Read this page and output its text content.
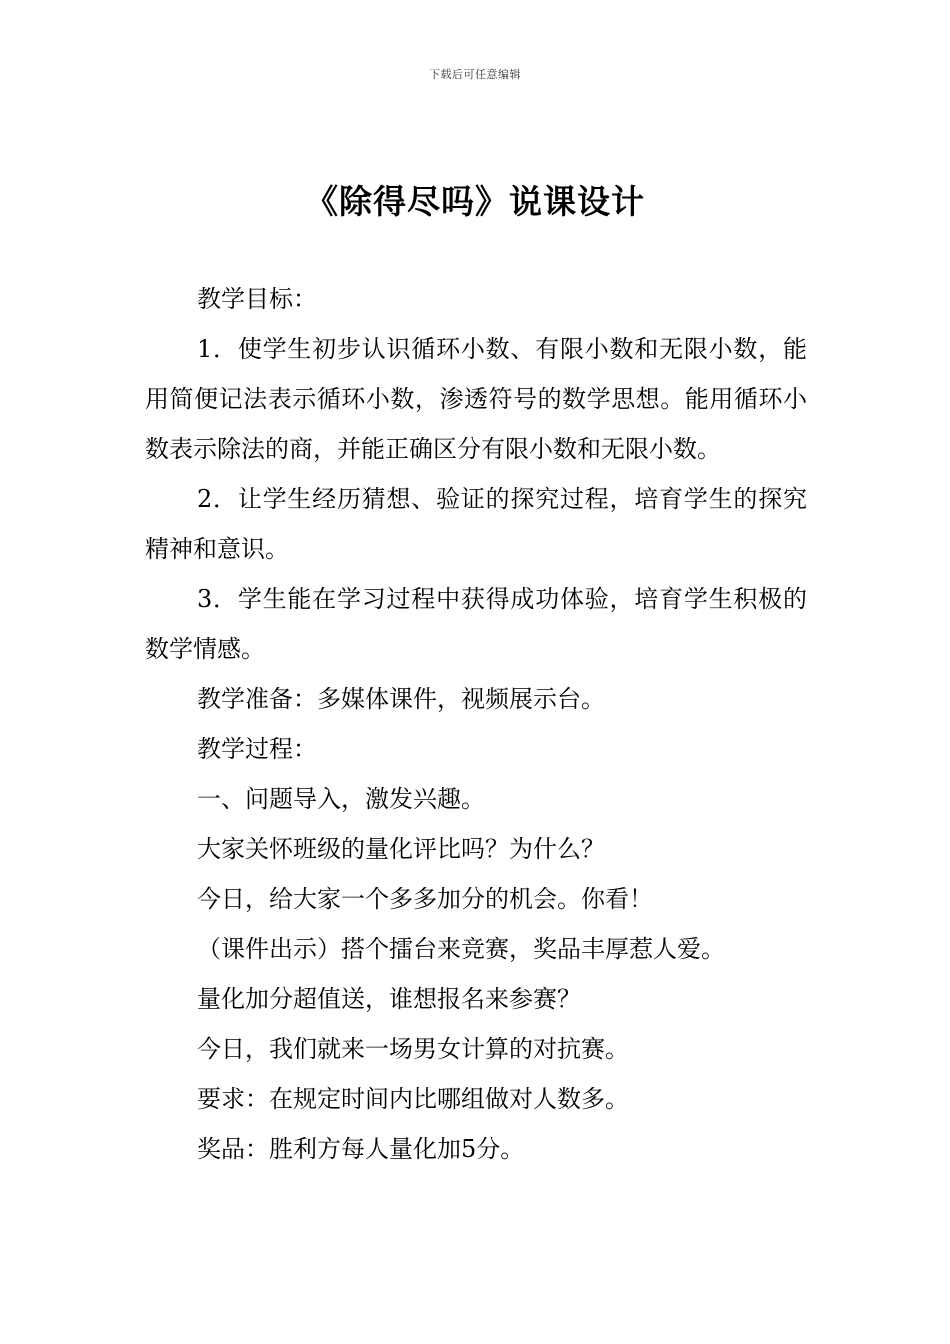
下载后可任意编辑
《除得尽吗》说课设计

教学目标：

1．使学生初步认识循环小数、有限小数和无限小数，能用简便记法表示循环小数，渗透符号的数学思想。能用循环小数表示除法的商，并能正确区分有限小数和无限小数。

2．让学生经历猜想、验证的探究过程，培育学生的探究精神和意识。

3．学生能在学习过程中获得成功体验，培育学生积极的数学情感。

教学准备：多媒体课件，视频展示台。

教学过程：

一、问题导入，激发兴趣。

大家关怀班级的量化评比吗？为什么？

今日，给大家一个多多加分的机会。你看！

（课件出示）搭个擂台来竞赛，奖品丰厚惹人爱。

量化加分超值送，谁想报名来参赛？

今日，我们就来一场男女计算的对抗赛。

要求：在规定时间内比哪组做对人数多。

奖品：胜利方每人量化加5分。
